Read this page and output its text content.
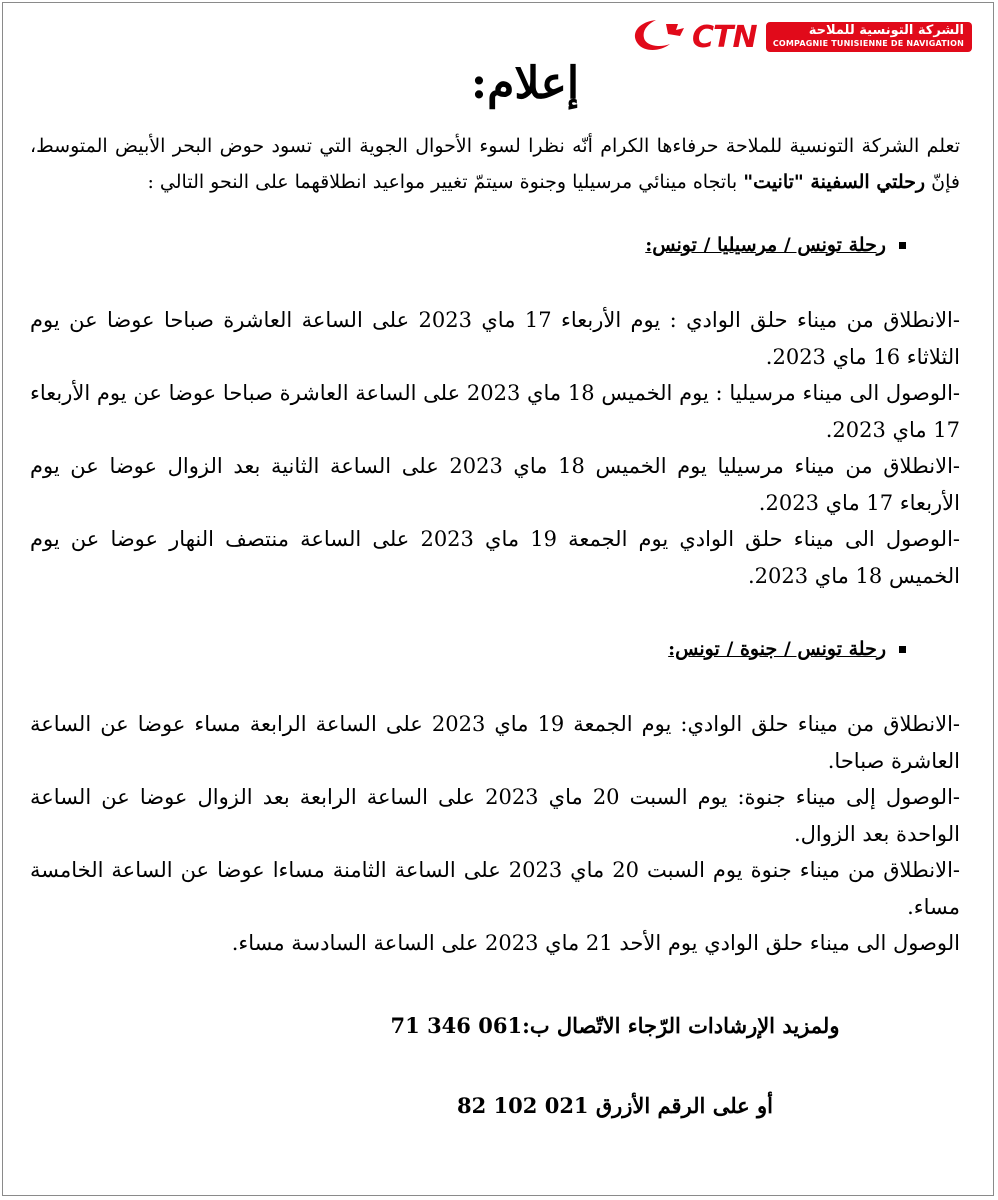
CTN	الشركة التونسية للملاحة
COMPAGNIE TUNISIENNE DE NAVIGATION
إعلام:

تعلم الشركة التونسية للملاحة حرفاءها الكرام أنّه نظرا لسوء الأحوال الجوية التي تسود حوض البحر الأبيض المتوسط، فإنّ رحلتي السفينة "تانيت" باتجاه مينائي مرسيليا وجنوة سيتمّ تغيير مواعيد انطلاقهما على النحو التالي :

رحلة تونس / مرسيليا / تونس:

-الانطلاق من ميناء حلق الوادي : يوم الأربعاء 17 ماي 2023 على الساعة العاشرة صباحا عوضا عن يوم الثلاثاء 16 ماي 2023.

-الوصول الى ميناء مرسيليا : يوم الخميس 18 ماي 2023 على الساعة العاشرة صباحا عوضا عن يوم الأربعاء 17 ماي 2023.

-الانطلاق من ميناء مرسيليا يوم الخميس 18 ماي 2023 على الساعة الثانية بعد الزوال عوضا عن يوم الأربعاء 17 ماي 2023.

-الوصول الى ميناء حلق الوادي يوم الجمعة 19 ماي 2023 على الساعة منتصف النهار عوضا عن يوم الخميس 18 ماي 2023.

رحلة تونس / جنوة / تونس:

-الانطلاق من ميناء حلق الوادي: يوم الجمعة 19 ماي 2023 على الساعة الرابعة مساء عوضا عن الساعة العاشرة صباحا.

-الوصول إلى ميناء جنوة: يوم السبت 20 ماي 2023 على الساعة الرابعة بعد الزوال عوضا عن الساعة الواحدة بعد الزوال.

-الانطلاق من ميناء جنوة يوم السبت 20 ماي 2023 على الساعة الثامنة مساءا عوضا عن الساعة الخامسة مساء.

الوصول الى ميناء حلق الوادي يوم الأحد 21 ماي 2023 على الساعة السادسة مساء.

ولمزيد الإرشادات الرّجاء الاتّصال ب:061 346 71

أو على الرقم الأزرق 021 102 82
